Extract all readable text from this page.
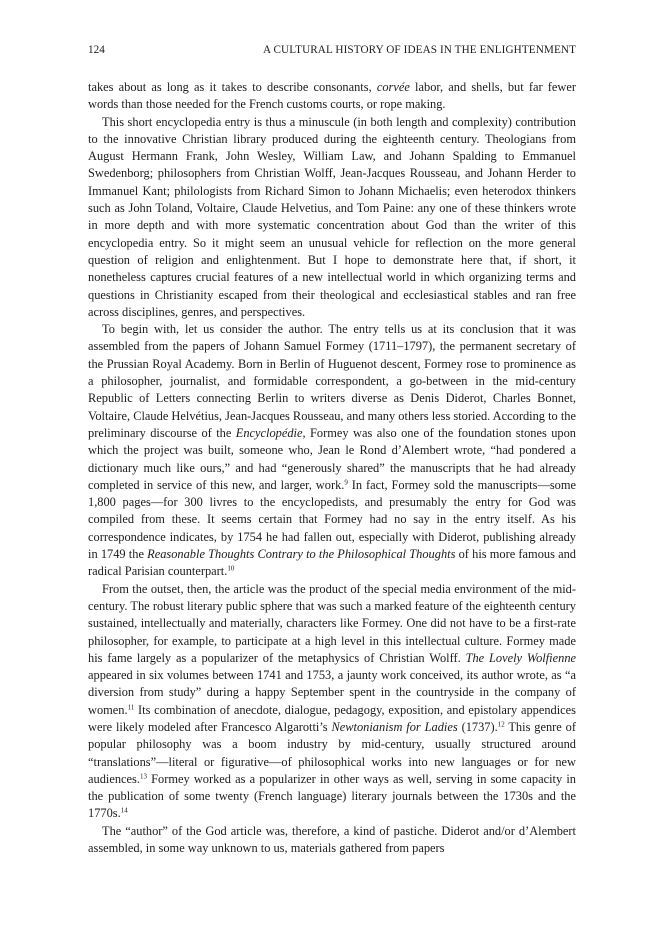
124	A CULTURAL HISTORY OF IDEAS IN THE ENLIGHTENMENT

takes about as long as it takes to describe consonants, corvée labor, and shells, but far fewer words than those needed for the French customs courts, or rope making.

This short encyclopedia entry is thus a minuscule (in both length and complexity) contribution to the innovative Christian library produced during the eighteenth century. Theologians from August Hermann Frank, John Wesley, William Law, and Johann Spalding to Emmanuel Swedenborg; philosophers from Christian Wolff, Jean-Jacques Rousseau, and Johann Herder to Immanuel Kant; philologists from Richard Simon to Johann Michaelis; even heterodox thinkers such as John Toland, Voltaire, Claude Helvetius, and Tom Paine: any one of these thinkers wrote in more depth and with more systematic concentration about God than the writer of this encyclopedia entry. So it might seem an unusual vehicle for reflection on the more general question of religion and enlightenment. But I hope to demonstrate here that, if short, it nonetheless captures crucial features of a new intellectual world in which organizing terms and questions in Christianity escaped from their theological and ecclesiastical stables and ran free across disciplines, genres, and perspectives.

To begin with, let us consider the author. The entry tells us at its conclusion that it was assembled from the papers of Johann Samuel Formey (1711–1797), the permanent secretary of the Prussian Royal Academy. Born in Berlin of Huguenot descent, Formey rose to prominence as a philosopher, journalist, and formidable correspondent, a go-between in the mid-century Republic of Letters connecting Berlin to writers diverse as Denis Diderot, Charles Bonnet, Voltaire, Claude Helvétius, Jean-Jacques Rousseau, and many others less storied. According to the preliminary discourse of the Encyclopédie, Formey was also one of the foundation stones upon which the project was built, someone who, Jean le Rond d’Alembert wrote, “had pondered a dictionary much like ours,” and had “generously shared” the manuscripts that he had already completed in service of this new, and larger, work.$^9$ In fact, Formey sold the manuscripts—some 1,800 pages—for 300 livres to the encyclopedists, and presumably the entry for God was compiled from these. It seems certain that Formey had no say in the entry itself. As his correspondence indicates, by 1754 he had fallen out, especially with Diderot, publishing already in 1749 the Reasonable Thoughts Contrary to the Philosophical Thoughts of his more famous and radical Parisian counterpart.$^{10}$

From the outset, then, the article was the product of the special media environment of the mid-century. The robust literary public sphere that was such a marked feature of the eighteenth century sustained, intellectually and materially, characters like Formey. One did not have to be a first-rate philosopher, for example, to participate at a high level in this intellectual culture. Formey made his fame largely as a popularizer of the metaphysics of Christian Wolff. The Lovely Wolfienne appeared in six volumes between 1741 and 1753, a jaunty work conceived, its author wrote, as “a diversion from study” during a happy September spent in the countryside in the company of women.$^{11}$ Its combination of anecdote, dialogue, pedagogy, exposition, and epistolary appendices were likely modeled after Francesco Algarotti’s Newtonianism for Ladies (1737).$^{12}$ This genre of popular philosophy was a boom industry by mid-century, usually structured around “translations”—literal or figurative—of philosophical works into new languages or for new audiences.$^{13}$ Formey worked as a popularizer in other ways as well, serving in some capacity in the publication of some twenty (French language) literary journals between the 1730s and the 1770s.$^{14}$

The “author” of the God article was, therefore, a kind of pastiche. Diderot and/or d’Alembert assembled, in some way unknown to us, materials gathered from papers
